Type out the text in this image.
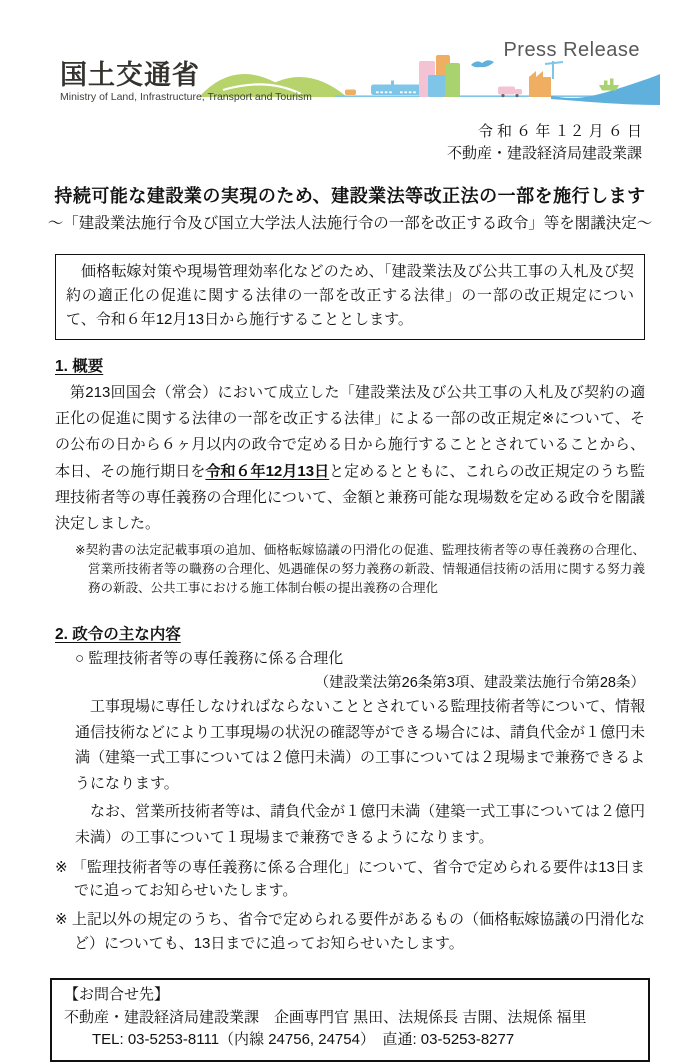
国土交通省
Ministry of Land, Infrastructure, Transport and Tourism
Press Release
令 和 ６ 年 １２ 月 ６ 日
不動産・建設経済局建設業課
持続可能な建設業の実現のため、建設業法等改正法の一部を施行します
～「建設業法施行令及び国立大学法人法施行令の一部を改正する政令」等を閣議決定～
価格転嫁対策や現場管理効率化などのため、「建設業法及び公共工事の入札及び契約の適正化の促進に関する法律の一部を改正する法律」の一部の改正規定について、令和６年12月13日から施行することとします。
1. 概要
第213回国会（常会）において成立した「建設業法及び公共工事の入札及び契約の適正化の促進に関する法律の一部を改正する法律」による一部の改正規定※について、その公布の日から６ヶ月以内の政令で定める日から施行することとされていることから、本日、その施行期日を令和６年12月13日と定めるとともに、これらの改正規定のうち監理技術者等の専任義務の合理化について、金額と兼務可能な現場数を定める政令を閣議決定しました。
※契約書の法定記載事項の追加、価格転嫁協議の円滑化の促進、監理技術者等の専任義務の合理化、営業所技術者等の職務の合理化、処遇確保の努力義務の新設、情報通信技術の活用に関する努力義務の新設、公共工事における施工体制台帳の提出義務の合理化
2. 政令の主な内容
○ 監理技術者等の専任義務に係る合理化
（建設業法第26条第3項、建設業法施行令第28条）
工事現場に専任しなければならないこととされている監理技術者等について、情報通信技術などにより工事現場の状況の確認等ができる場合には、請負代金が１億円未満（建築一式工事については２億円未満）の工事については２現場まで兼務できるようになります。
なお、営業所技術者等は、請負代金が１億円未満（建築一式工事については２億円未満）の工事について１現場まで兼務できるようになります。
※ 「監理技術者等の専任義務に係る合理化」について、省令で定められる要件は13日までに追ってお知らせいたします。
※ 上記以外の規定のうち、省令で定められる要件があるもの（価格転嫁協議の円滑化など）についても、13日までに追ってお知らせいたします。
【お問合せ先】
不動産・建設経済局建設業課　企画専門官 黒田、法規係長 吉開、法規係 福里
TEL: 03-5253-8111（内線 24756, 24754）　直通: 03-5253-8277
